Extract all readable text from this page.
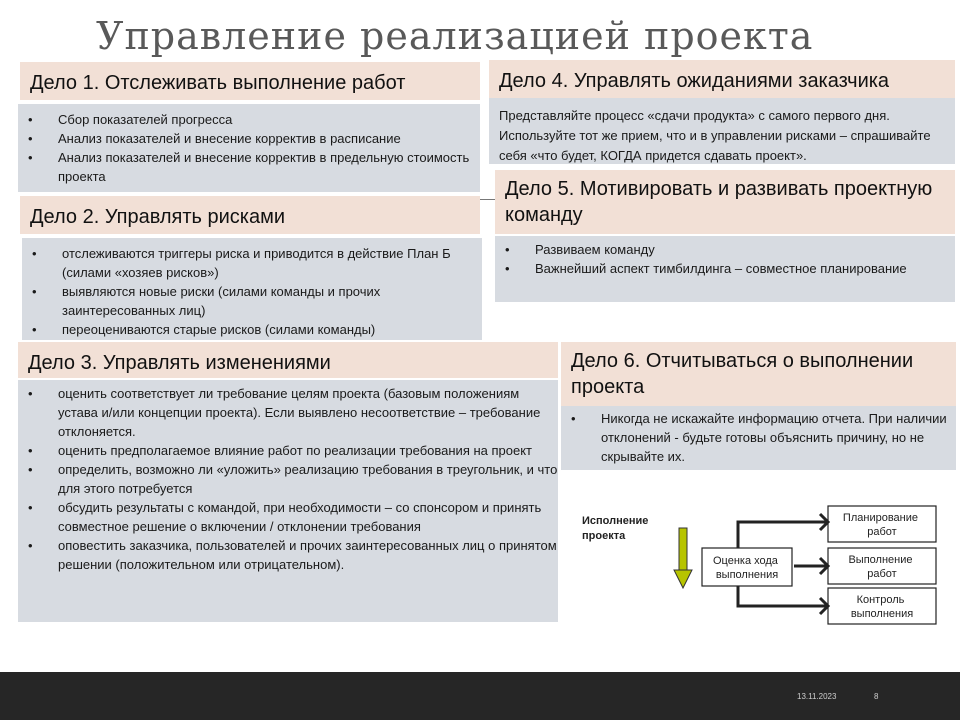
Управление реализацией проекта
Дело 1. Отслеживать выполнение работ
• Сбор показателей прогресса
• Анализ показателей и внесение корректив в расписание
• Анализ показателей и внесение корректив в предельную стоимость проекта
Дело 2. Управлять рисками
• отслеживаются триггеры риска и приводится в действие План Б (силами «хозяев рисков»)
• выявляются новые риски (силами команды и прочих заинтересованных лиц)
• переоцениваются старые рисков (силами команды)
Дело 3. Управлять изменениями
• оценить соответствует ли требование целям проекта (базовым положениям устава и/или концепции проекта). Если выявлено несоответствие – требование отклоняется.
• оценить предполагаемое влияние работ по реализации требования на проект
• определить, возможно ли «уложить» реализацию требования в треугольник, и что для этого потребуется
• обсудить результаты с командой, при необходимости – со спонсором и принять совместное решение о включении / отклонении требования
• оповестить заказчика, пользователей и прочих заинтересованных лиц о принятом решении (положительном или отрицательном).
Дело 4. Управлять ожиданиями заказчика
Представляйте процесс «сдачи продукта» с самого первого дня. Используйте тот же прием, что и в управлении рисками – спрашивайте себя «что будет, КОГДА придется сдавать проект».
Дело 5. Мотивировать и развивать проектную команду
• Развиваем команду
• Важнейший аспект тимбилдинга – совместное планирование
Дело 6. Отчитываться о выполнении проекта
• Никогда не искажайте информацию отчета. При наличии отклонений - будьте готовы объяснить причину, но не скрывайте их.
Исполнение проекта
Оценка хода выполнения
Планирование работ
Выполнение работ
Контроль выполнения
13.11.2023	8
